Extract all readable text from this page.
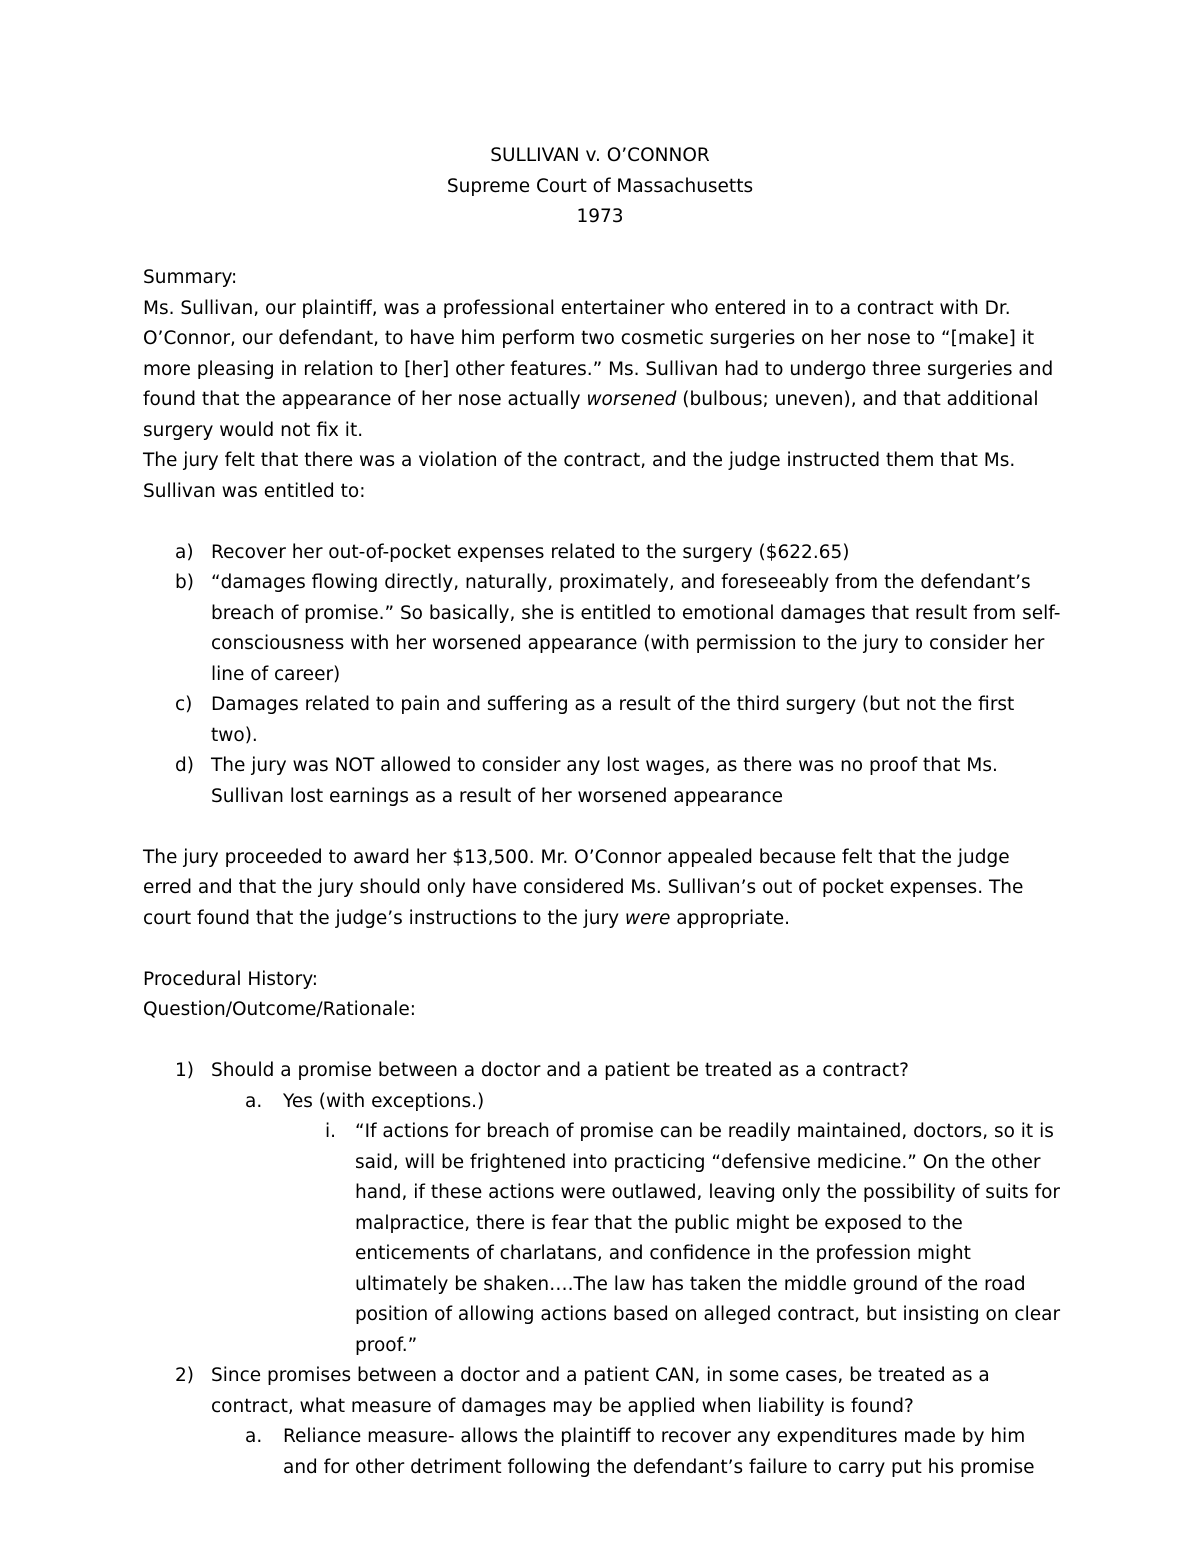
SULLIVAN v. O’CONNOR
Supreme Court of Massachusetts
1973

Summary:

Ms. Sullivan, our plaintiff, was a professional entertainer who entered in to a contract with Dr. O’Connor, our defendant, to have him perform two cosmetic surgeries on her nose to “[make] it more pleasing in relation to [her] other features.” Ms. Sullivan had to undergo three surgeries and found that the appearance of her nose actually worsened (bulbous; uneven), and that additional surgery would not fix it.

The jury felt that there was a violation of the contract, and the judge instructed them that Ms. Sullivan was entitled to:

a) Recover her out-of-pocket expenses related to the surgery ($622.65)
b) “damages flowing directly, naturally, proximately, and foreseeably from the defendant’s breach of promise.” So basically, she is entitled to emotional damages that result from self-consciousness with her worsened appearance (with permission to the jury to consider her line of career)
c) Damages related to pain and suffering as a result of the third surgery (but not the first two).
d) The jury was NOT allowed to consider any lost wages, as there was no proof that Ms. Sullivan lost earnings as a result of her worsened appearance

The jury proceeded to award her $13,500. Mr. O’Connor appealed because felt that the judge erred and that the jury should only have considered Ms. Sullivan’s out of pocket expenses. The court found that the judge’s instructions to the jury were appropriate.

Procedural History:

Question/Outcome/Rationale:

1) Should a promise between a doctor and a patient be treated as a contract?
a. Yes (with exceptions.)
i. “If actions for breach of promise can be readily maintained, doctors, so it is said, will be frightened into practicing “defensive medicine.” On the other hand, if these actions were outlawed, leaving only the possibility of suits for malpractice, there is fear that the public might be exposed to the enticements of charlatans, and confidence in the profession might ultimately be shaken….The law has taken the middle ground of the road position of allowing actions based on alleged contract, but insisting on clear proof.”
2) Since promises between a doctor and a patient CAN, in some cases, be treated as a contract, what measure of damages may be applied when liability is found?
a. Reliance measure- allows the plaintiff to recover any expenditures made by him and for other detriment following the defendant’s failure to carry put his promise
